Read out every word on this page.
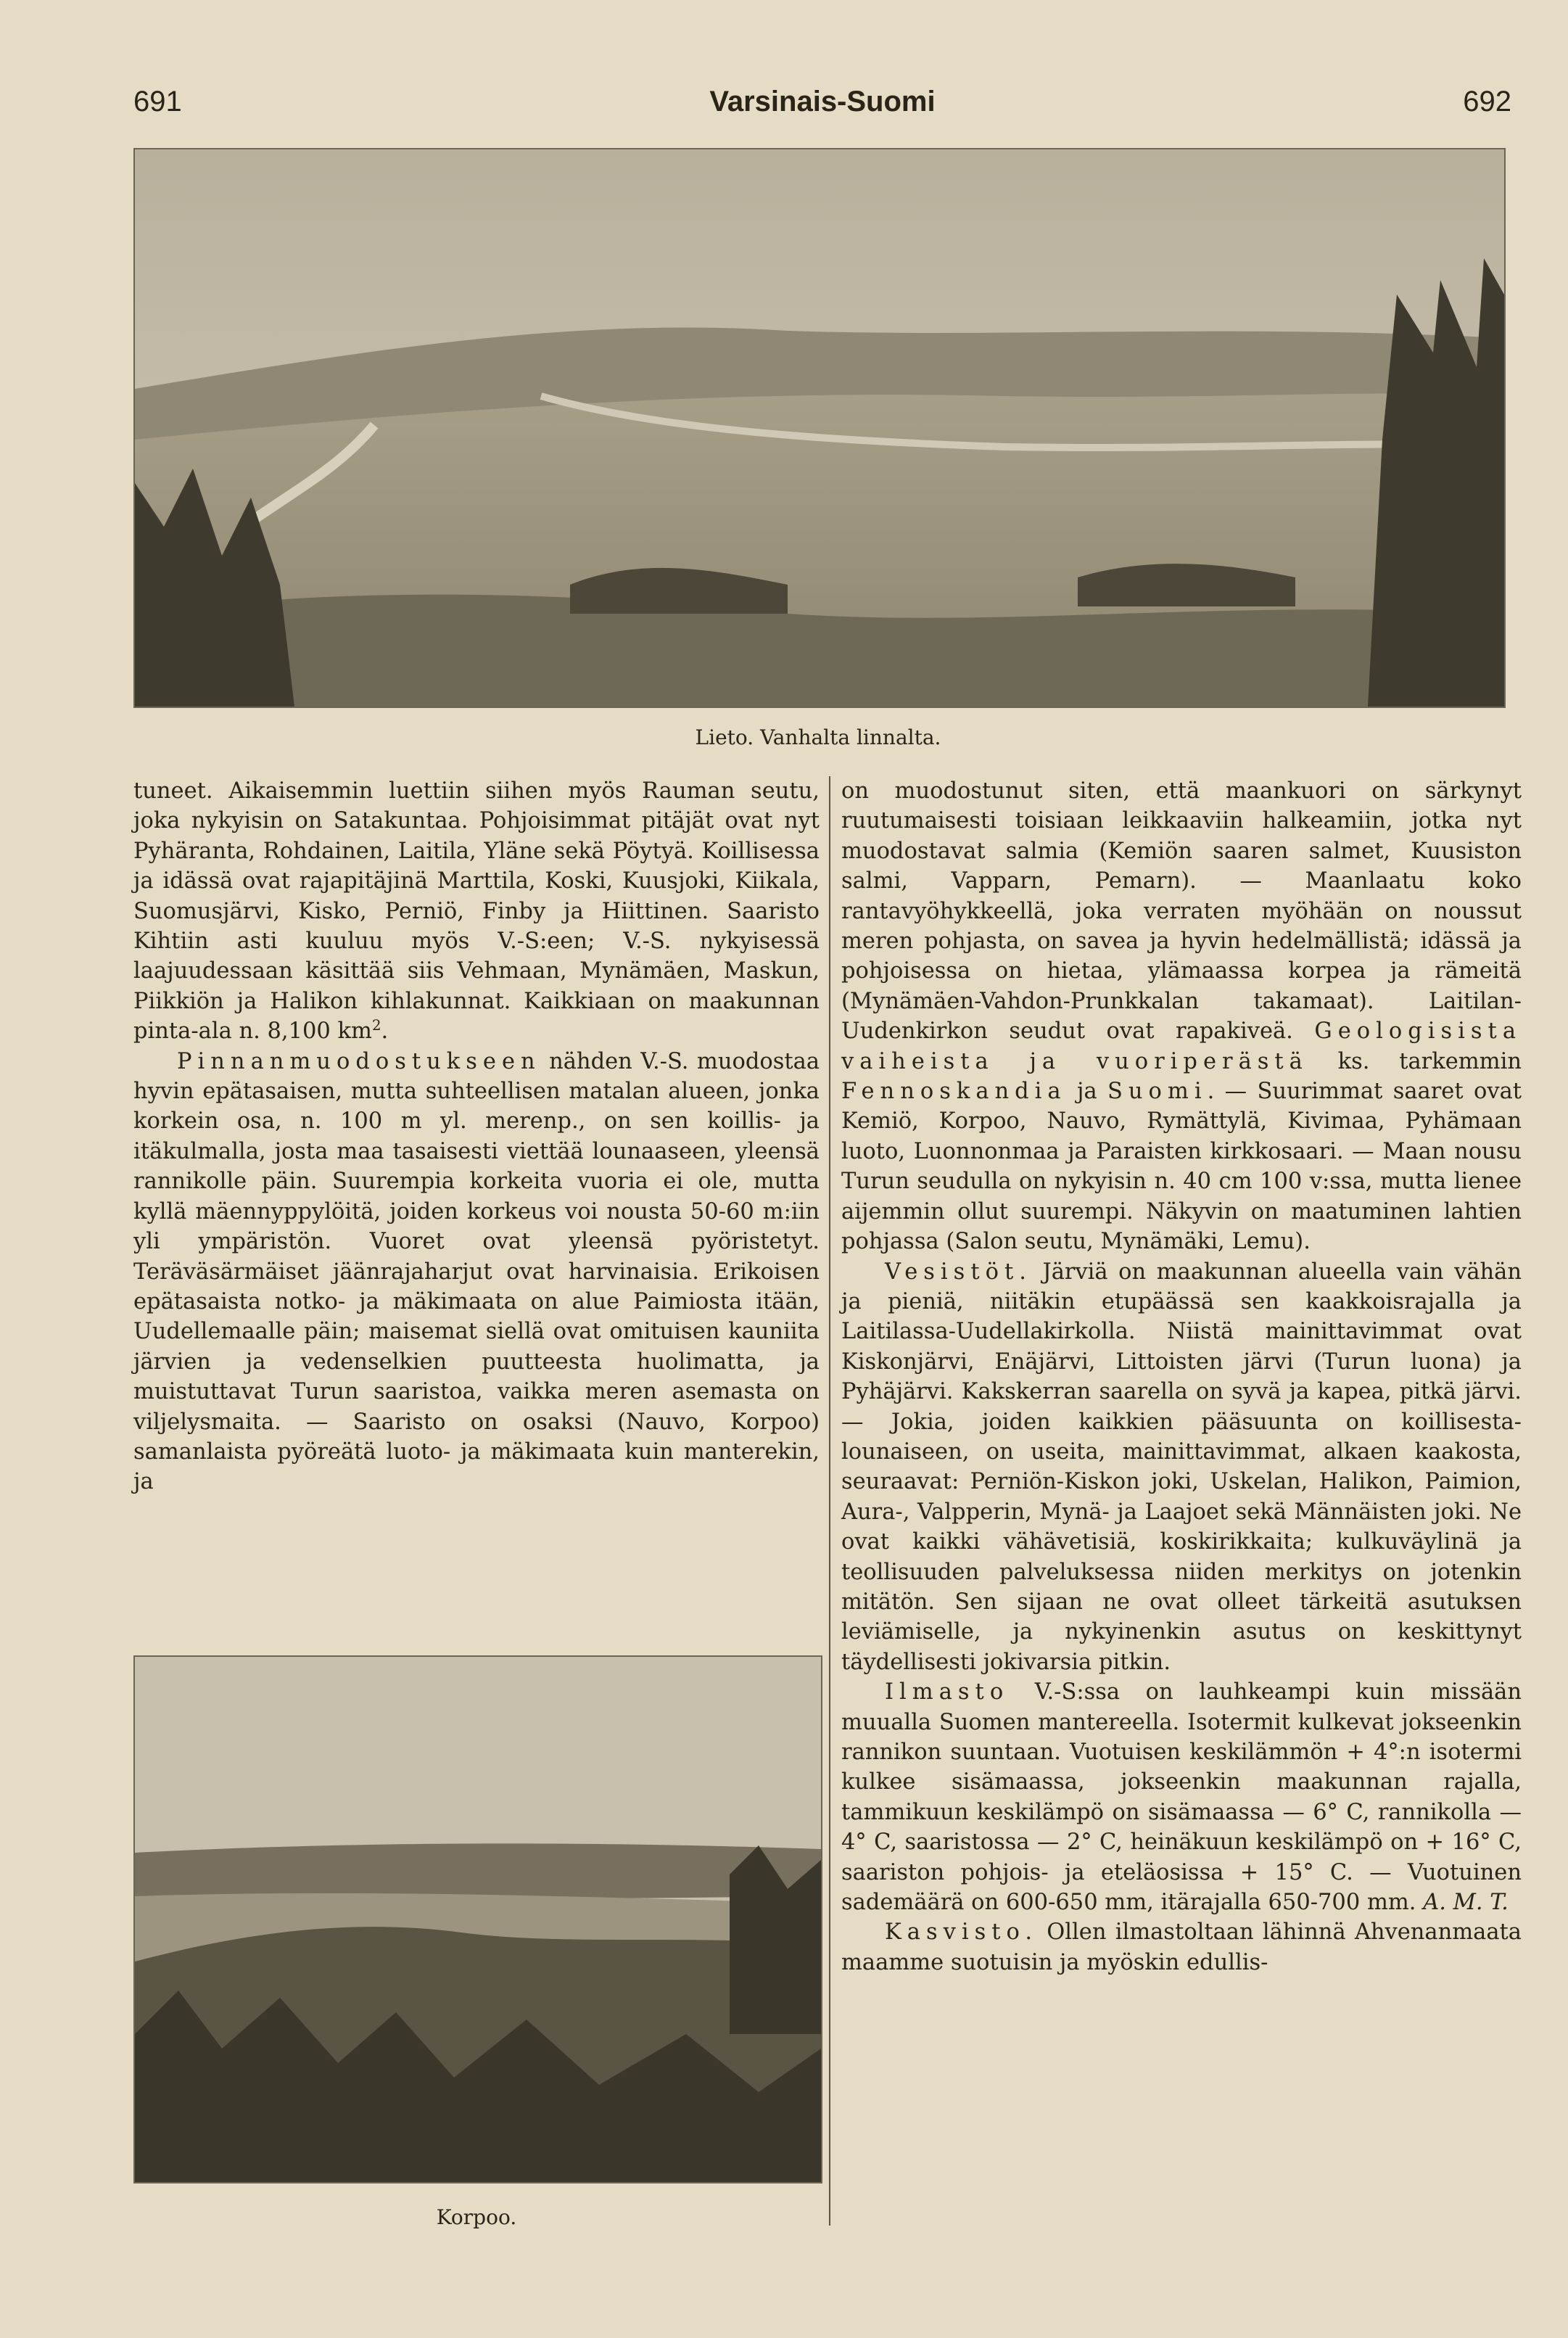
691	Varsinais-Suomi	692
Lieto. Vanhalta linnalta.

tuneet. Aikaisemmin luettiin siihen myös Rauman seutu, joka nykyisin on Satakuntaa. Pohjoisimmat pitäjät ovat nyt Pyhäranta, Rohdainen, Laitila, Yläne sekä Pöytyä. Koillisessa ja idässä ovat rajapitäjinä Marttila, Koski, Kuusjoki, Kiikala, Suomusjärvi, Kisko, Perniö, Finby ja Hiittinen. Saaristo Kihtiin asti kuuluu myös V.-S:een; V.-S. nykyisessä laajuudessaan käsittää siis Vehmaan, Mynämäen, Maskun, Piikkiön ja Halikon kihlakunnat. Kaikkiaan on maakunnan pinta-ala n. 8,100 $km^2$.

Pinnanmuodostukseen nähden V.-S. muodostaa hyvin epätasaisen, mutta suhteellisen matalan alueen, jonka korkein osa, n. 100 m yl. merenp., on sen koillis- ja itäkulmalla, josta maa tasaisesti viettää lounaaseen, yleensä rannikolle päin. Suurempia korkeita vuoria ei ole, mutta kyllä mäennyppylöitä, joiden korkeus voi nousta 50-60 m:iin yli ympäristön. Vuoret ovat yleensä pyöristetyt. Teräväsärmäiset jäänrajaharjut ovat harvinaisia. Erikoisen epätasaista notko- ja mäkimaata on alue Paimiosta itään, Uudellemaalle päin; maisemat siellä ovat omituisen kauniita järvien ja vedenselkien puutteesta huolimatta, ja muistuttavat Turun saaristoa, vaikka meren asemasta on viljelysmaita. — Saaristo on osaksi (Nauvo, Korpoo) samanlaista pyöreätä luoto- ja mäkimaata kuin manterekin, ja

on muodostunut siten, että maankuori on särkynyt ruutumaisesti toisiaan leikkaaviin halkeamiin, jotka nyt muodostavat salmia (Kemiön saaren salmet, Kuusiston salmi, Vapparn, Pemarn). — Maanlaatu koko rantavyöhykkeellä, joka verraten myöhään on noussut meren pohjasta, on savea ja hyvin hedelmällistä; idässä ja pohjoisessa on hietaa, ylämaassa korpea ja rämeitä (Mynämäen-Vahdon-Prunkkalan takamaat). Laitilan-Uudenkirkon seudut ovat rapakiveä. Geologisista vaiheista ja vuoriperästä ks. tarkemmin Fennoskandia ja Suomi. — Suurimmat saaret ovat Kemiö, Korpoo, Nauvo, Rymättylä, Kivimaa, Pyhämaan luoto, Luonnonmaa ja Paraisten kirkkosaari. — Maan nousu Turun seudulla on nykyisin n. 40 cm 100 v:ssa, mutta lienee aijemmin ollut suurempi. Näkyvin on maatuminen lahtien pohjassa (Salon seutu, Mynämäki, Lemu).

Vesistöt. Järviä on maakunnan alueella vain vähän ja pieniä, niitäkin etupäässä sen kaakkoisrajalla ja Laitilassa-Uudellakirkolla. Niistä mainittavimmat ovat Kiskonjärvi, Enäjärvi, Littoisten järvi (Turun luona) ja Pyhäjärvi. Kakskerran saarella on syvä ja kapea, pitkä järvi. — Jokia, joiden kaikkien pääsuunta on koillisesta-lounaiseen, on useita, mainittavimmat, alkaen kaakosta, seuraavat: Perniön-Kiskon joki, Uskelan, Halikon, Paimion, Aura-, Valpperin, Mynä- ja Laajoet sekä Männäisten joki. Ne ovat kaikki vähävetisiä, koskirikkaita; kulkuväylinä ja teollisuuden palveluksessa niiden merkitys on jotenkin mitätön. Sen sijaan ne ovat olleet tärkeitä asutuksen leviämiselle, ja nykyinenkin asutus on keskittynyt täydellisesti jokivarsia pitkin.

Ilmasto V.-S:ssa on lauhkeampi kuin missään muualla Suomen mantereella. Isotermit kulkevat jokseenkin rannikon suuntaan. Vuotuisen keskilämmön + 4°:n isotermi kulkee sisämaassa, jokseenkin maakunnan rajalla, tammikuun keskilämpö on sisämaassa — 6° C, rannikolla — 4° C, saaristossa — 2° C, heinäkuun keskilämpö on + 16° C, saariston pohjois- ja eteläosissa + 15° C. — Vuotuinen sademäärä on 600-650 mm, itärajalla 650-700 mm. A. M. T.

Kasvisto. Ollen ilmastoltaan lähinnä Ahvenanmaata maamme suotuisin ja myöskin edullis-

Korpoo.
